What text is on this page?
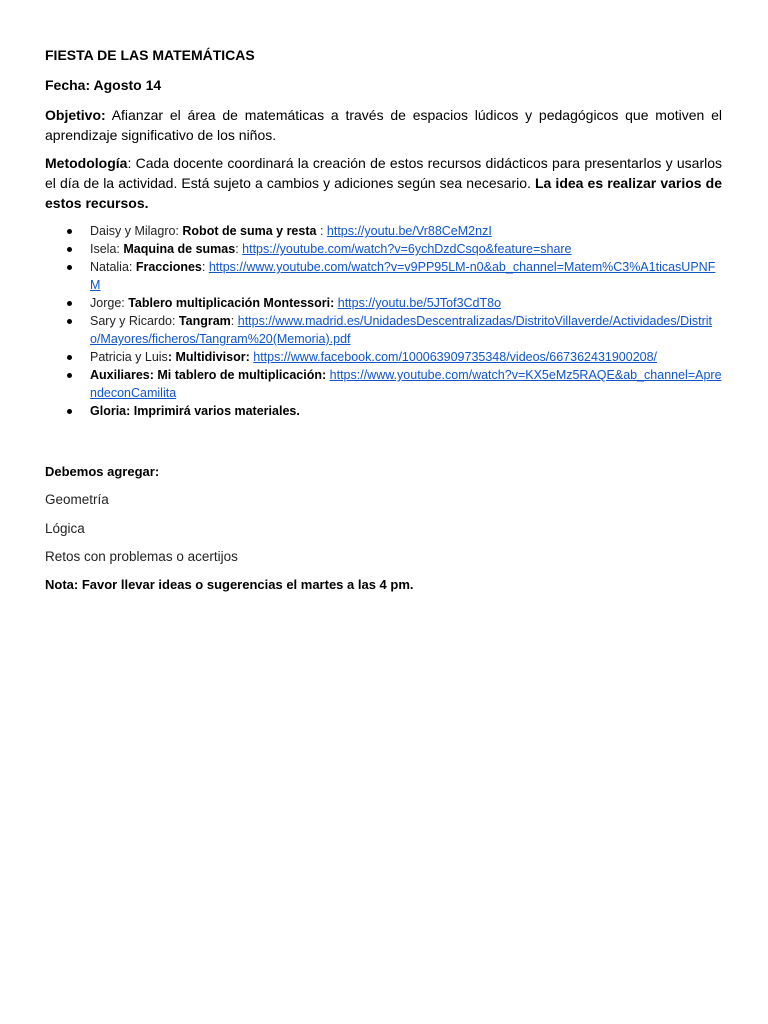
FIESTA DE LAS MATEMÁTICAS
Fecha: Agosto 14
Objetivo: Afianzar el área de matemáticas a través de espacios lúdicos y pedagógicos que motiven el aprendizaje significativo de los niños.
Metodología: Cada docente coordinará la creación de estos recursos didácticos para presentarlos y usarlos el día de la actividad. Está sujeto a cambios y adiciones según sea necesario. La idea es realizar varios de estos recursos.
Daisy y Milagro: Robot de suma y resta : https://youtu.be/Vr88CeM2nzI
Isela: Maquina de sumas: https://youtube.com/watch?v=6ychDzdCsqo&feature=share
Natalia: Fracciones: https://www.youtube.com/watch?v=v9PP95LM-n0&ab_channel=Matem%C3%A1ticasUPNFM
Jorge: Tablero multiplicación Montessori: https://youtu.be/5JTof3CdT8o
Sary y Ricardo: Tangram: https://www.madrid.es/UnidadesDescentralizadas/DistritoVillaverde/Actividades/Distrito/Mayores/ficheros/Tangram%20(Memoria).pdf
Patricia y Luis: Multidivisor: https://www.facebook.com/100063909735348/videos/667362431900208/
Auxiliares: Mi tablero de multiplicación: https://www.youtube.com/watch?v=KX5eMz5RAQE&ab_channel=AprendeconCamilita
Gloria: Imprimirá varios materiales.
Debemos agregar:
Geometría
Lógica
Retos con problemas o acertijos
Nota: Favor llevar ideas o sugerencias el martes a las 4 pm.
